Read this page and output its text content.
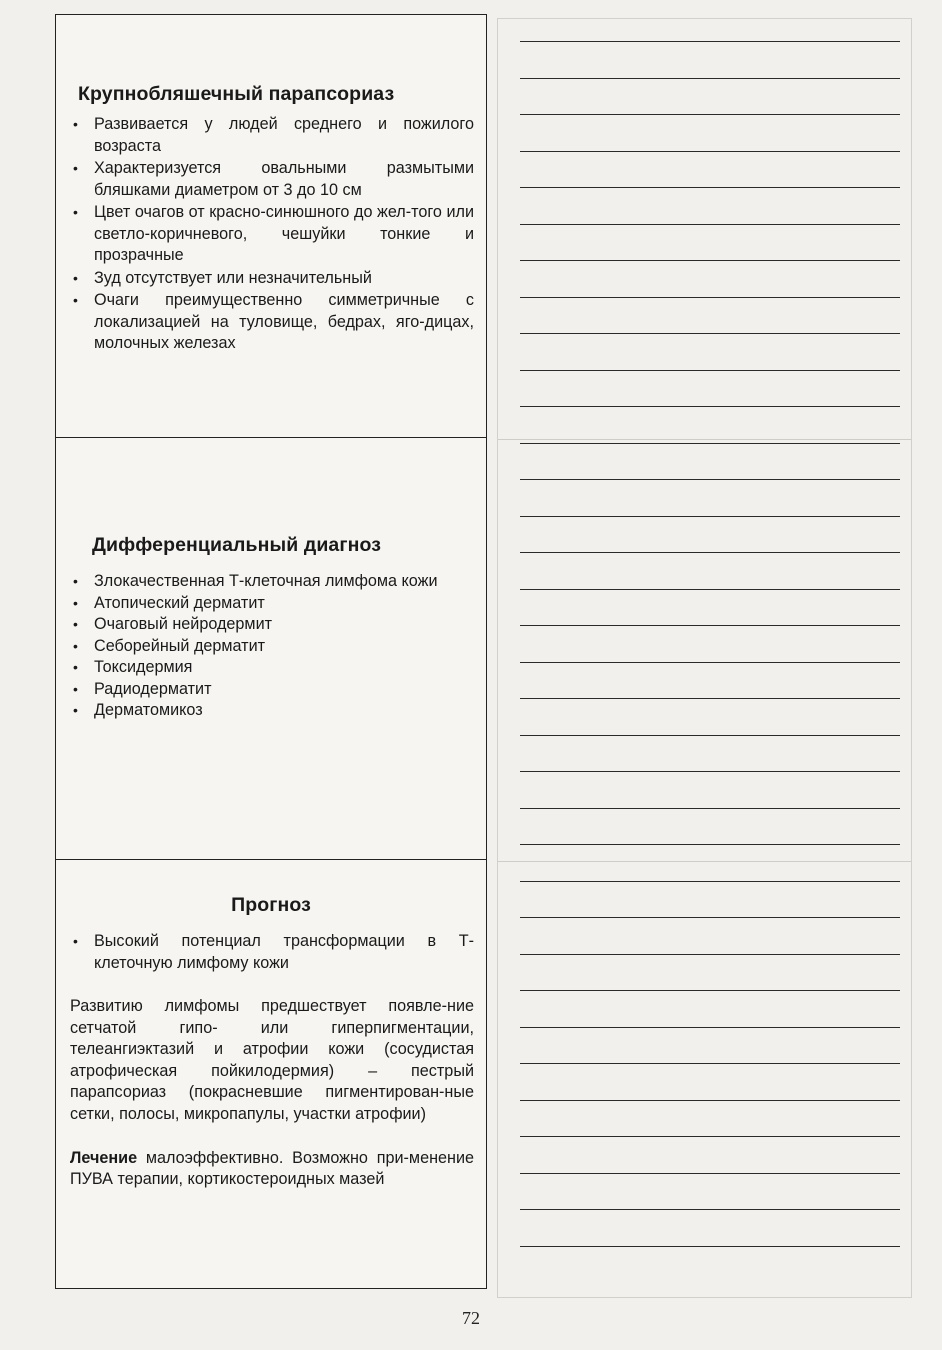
Крупнобляшечный парапсориаз
• Развивается у людей среднего и пожилого возраста
• Характеризуется овальными размытыми бляшками диаметром от 3 до 10 см
• Цвет очагов от красно-синюшного до жел-того или светло-коричневого, чешуйки тонкие и прозрачные
• Зуд отсутствует или незначительный
• Очаги преимущественно симметричные с локализацией на туловище, бедрах, яго-дицах, молочных железах
Дифференциальный диагноз
• Злокачественная Т-клеточная лимфома кожи
• Атопический дерматит
• Очаговый нейродермит
• Себорейный дерматит
• Токсидермия
• Радиодерматит
• Дерматомикоз
Прогноз
• Высокий потенциал трансформации в Т-клеточную лимфому кожи

Развитию лимфомы предшествует появле-ние сетчатой гипо- или гиперпигментации, телеангиэктазий и атрофии кожи (сосудистая атрофическая пойкилодермия) – пестрый парапсориаз (покрасневшие пигментирован-ные сетки, полосы, микропапулы, участки атрофии)

Лечение малоэффективно. Возможно при-менение ПУВА терапии, кортикостероидных мазей

72
